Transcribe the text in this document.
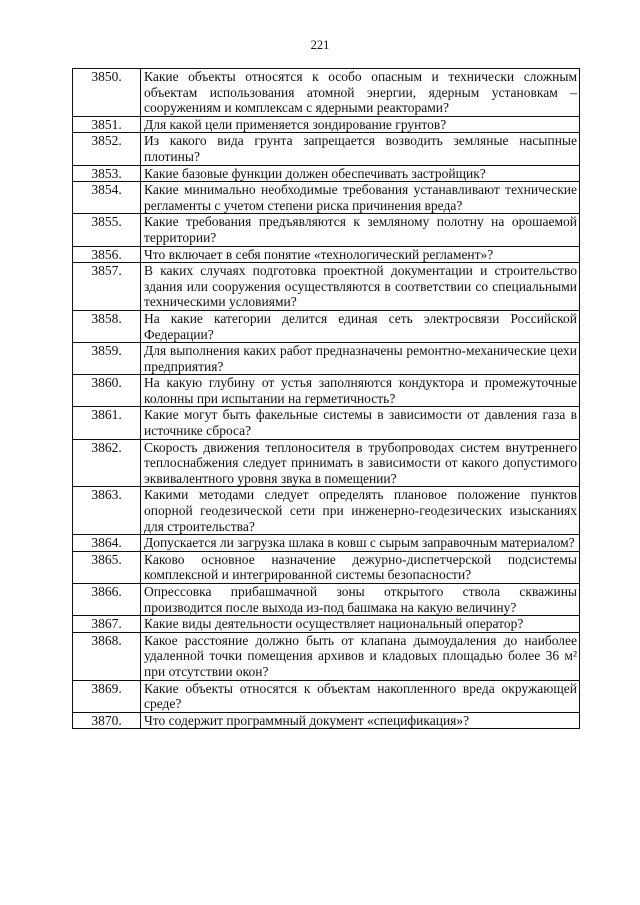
221
3850.	Какие объекты относятся к особо опасным и технически сложным объектам использования атомной энергии, ядерным установкам – сооружениям и комплексам с ядерными реакторами?
3851.	Для какой цели применяется зондирование грунтов?
3852.	Из какого вида грунта запрещается возводить земляные насыпные плотины?
3853.	Какие базовые функции должен обеспечивать застройщик?
3854.	Какие минимально необходимые требования устанавливают технические регламенты с учетом степени риска причинения вреда?
3855.	Какие требования предъявляются к земляному полотну на орошаемой территории?
3856.	Что включает в себя понятие «технологический регламент»?
3857.	В каких случаях подготовка проектной документации и строительство здания или сооружения осуществляются в соответствии со специальными техническими условиями?
3858.	На какие категории делится единая сеть электросвязи Российской Федерации?
3859.	Для выполнения каких работ предназначены ремонтно-механические цехи предприятия?
3860.	На какую глубину от устья заполняются кондуктора и промежуточные колонны при испытании на герметичность?
3861.	Какие могут быть факельные системы в зависимости от давления газа в источнике сброса?
3862.	Скорость движения теплоносителя в трубопроводах систем внутреннего теплоснабжения следует принимать в зависимости от какого допустимого эквивалентного уровня звука в помещении?
3863.	Какими методами следует определять плановое положение пунктов опорной геодезической сети при инженерно-геодезических изысканиях для строительства?
3864.	Допускается ли загрузка шлака в ковш с сырым заправочным материалом?
3865.	Каково основное назначение дежурно-диспетчерской подсистемы комплексной и интегрированной системы безопасности?
3866.	Опрессовка прибашмачной зоны открытого ствола скважины производится после выхода из-под башмака на какую величину?
3867.	Какие виды деятельности осуществляет национальный оператор?
3868.	Какое расстояние должно быть от клапана дымоудаления до наиболее удаленной точки помещения архивов и кладовых площадью более 36 м² при отсутствии окон?
3869.	Какие объекты относятся к объектам накопленного вреда окружающей среде?
3870.	Что содержит программный документ «спецификация»?
